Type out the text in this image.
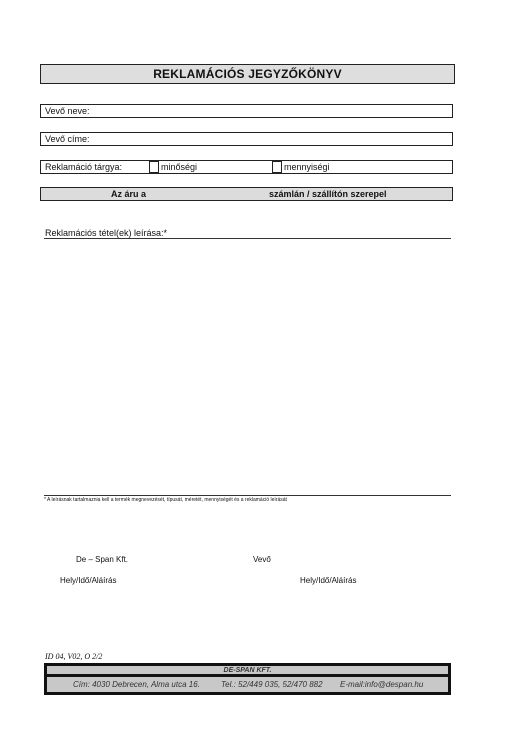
REKLAMÁCIÓS JEGYZŐKÖNYV
Vevő neve:
Vevő címe:
Reklamáció tárgya:	minőségi	mennyiségi
Az áru a	számlán / szállítón szerepel
Reklamációs tétel(ek) leírása:*
* A leírásnak tartalmaznia kell a termék megnevezését, típusát, méretét, mennyiségét és a reklamáció leírását
De – Span Kft.	Vevő
Hely/Idő/Aláírás	Hely/Idő/Aláírás
ID 04, V02, O 2/2
DE-SPAN KFT.
Cím: 4030 Debrecen, Alma utca 16.	Tel.: 52/449 035, 52/470 882 E-mail:info@despan.hu
